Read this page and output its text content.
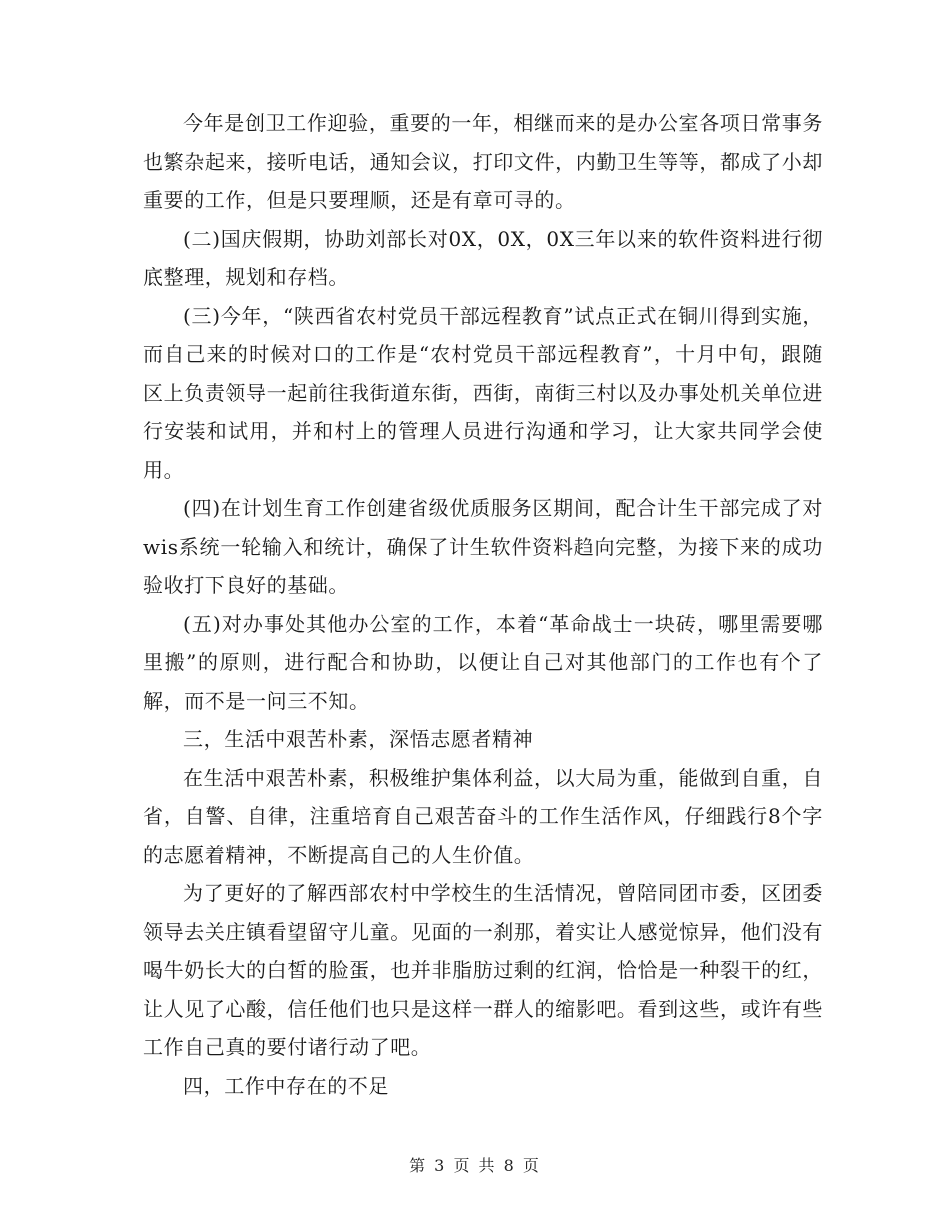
今年是创卫工作迎验，重要的一年，相继而来的是办公室各项日常事务也繁杂起来，接听电话，通知会议，打印文件，内勤卫生等等，都成了小却重要的工作，但是只要理顺，还是有章可寻的。

(二)国庆假期，协助刘部长对0X，0X，0X三年以来的软件资料进行彻底整理，规划和存档。

(三)今年，“陕西省农村党员干部远程教育”试点正式在铜川得到实施，而自己来的时候对口的工作是“农村党员干部远程教育”，十月中旬，跟随区上负责领导一起前往我街道东街，西街，南街三村以及办事处机关单位进行安装和试用，并和村上的管理人员进行沟通和学习，让大家共同学会使用。

(四)在计划生育工作创建省级优质服务区期间，配合计生干部完成了对wis系统一轮输入和统计，确保了计生软件资料趋向完整，为接下来的成功验收打下良好的基础。

(五)对办事处其他办公室的工作，本着“革命战士一块砖，哪里需要哪里搬”的原则，进行配合和协助，以便让自己对其他部门的工作也有个了解，而不是一问三不知。

三，生活中艰苦朴素，深悟志愿者精神

在生活中艰苦朴素，积极维护集体利益，以大局为重，能做到自重，自省，自警、自律，注重培育自己艰苦奋斗的工作生活作风，仔细践行8个字的志愿着精神，不断提高自己的人生价值。

为了更好的了解西部农村中学校生的生活情况，曾陪同团市委，区团委领导去关庄镇看望留守儿童。见面的一刹那，着实让人感觉惊异，他们没有喝牛奶长大的白皙的脸蛋，也并非脂肪过剩的红润，恰恰是一种裂干的红，让人见了心酸，信任他们也只是这样一群人的缩影吧。看到这些，或许有些工作自己真的要付诸行动了吧。

四，工作中存在的不足

第 3 页 共 8 页
